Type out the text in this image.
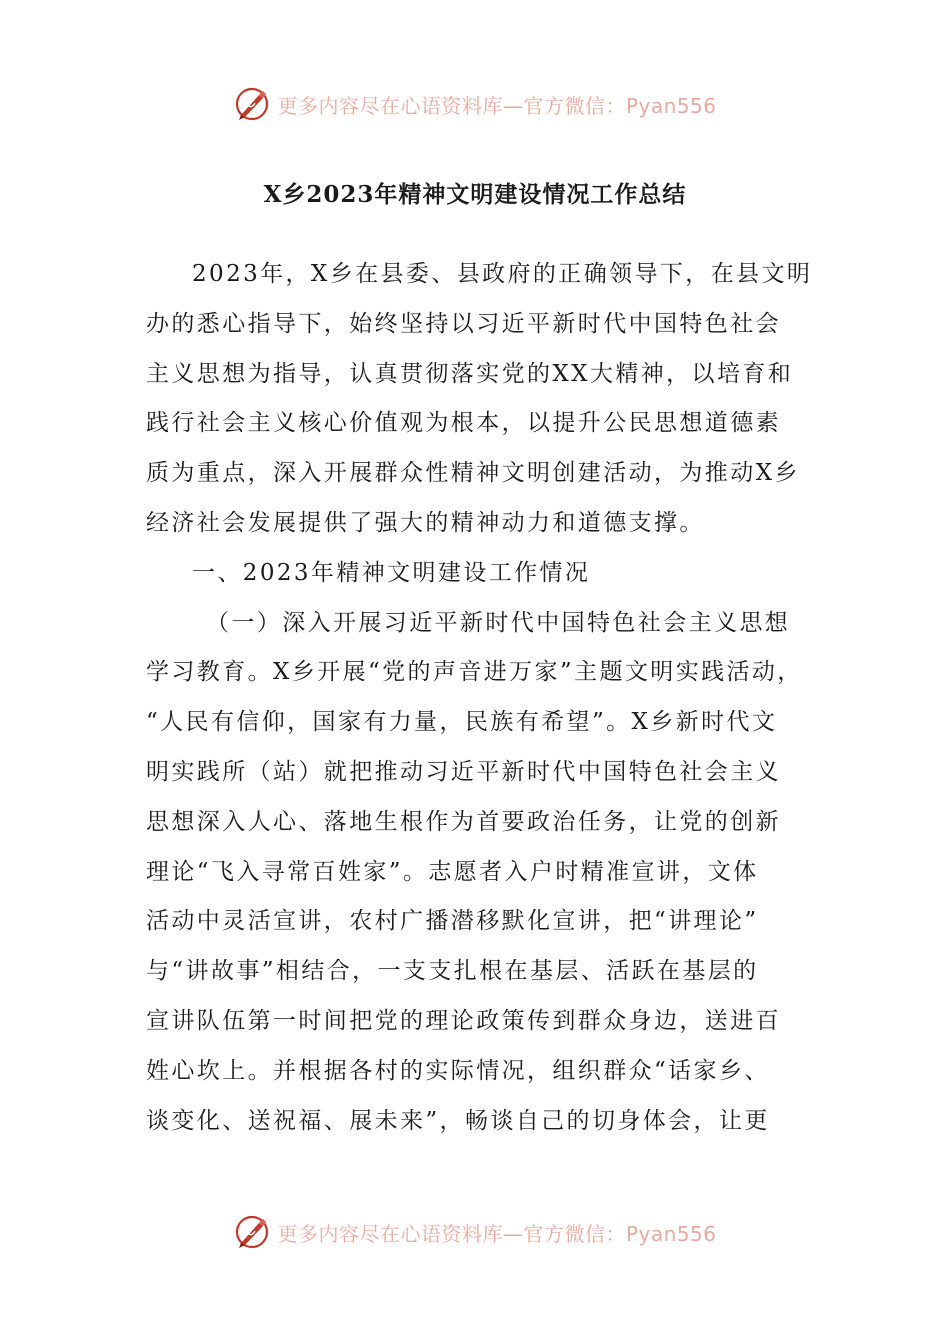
更多内容尽在心语资料库—官方微信：Pyan556
X乡2023年精神文明建设情况工作总结
2023年，X乡在县委、县政府的正确领导下，在县文明
办的悉心指导下，始终坚持以习近平新时代中国特色社会
主义思想为指导，认真贯彻落实党的XX大精神，以培育和
践行社会主义核心价值观为根本，以提升公民思想道德素
质为重点，深入开展群众性精神文明创建活动，为推动X乡
经济社会发展提供了强大的精神动力和道德支撑。
一、2023年精神文明建设工作情况
（一）深入开展习近平新时代中国特色社会主义思想
学习教育。X乡开展“党的声音进万家”主题文明实践活动，
“人民有信仰，国家有力量，民族有希望”。X乡新时代文
明实践所（站）就把推动习近平新时代中国特色社会主义
思想深入人心、落地生根作为首要政治任务，让党的创新
理论“飞入寻常百姓家”。志愿者入户时精准宣讲，文体
活动中灵活宣讲，农村广播潜移默化宣讲，把“讲理论”
与“讲故事”相结合，一支支扎根在基层、活跃在基层的
宣讲队伍第一时间把党的理论政策传到群众身边，送进百
姓心坎上。并根据各村的实际情况，组织群众“话家乡、
谈变化、送祝福、展未来”，畅谈自己的切身体会，让更
更多内容尽在心语资料库—官方微信：Pyan556
